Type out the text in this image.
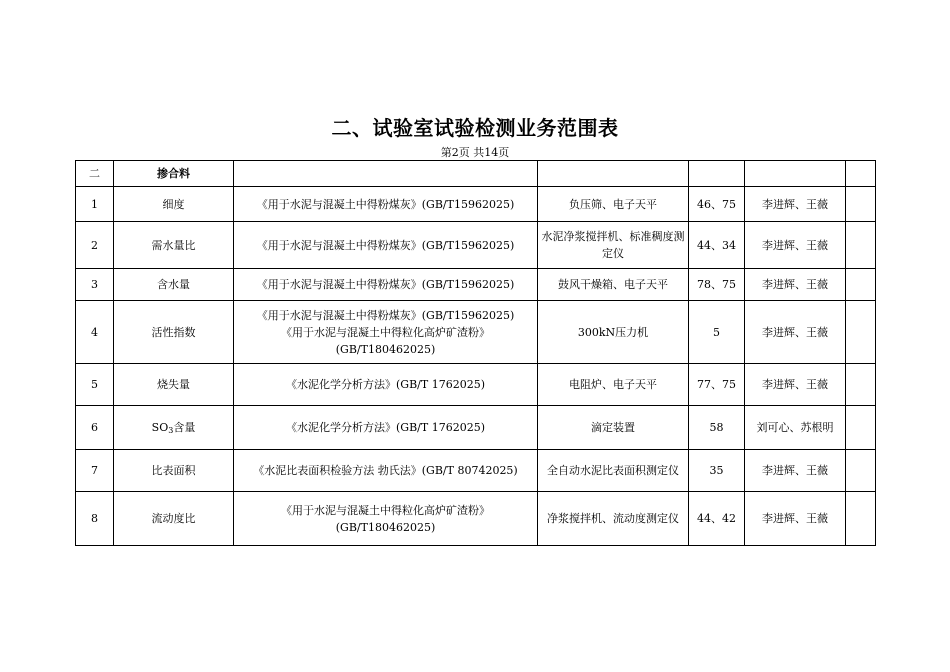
二、试验室试验检测业务范围表
第2页 共14页
二	掺合料					
1	细度	《用于水泥与混凝土中得粉煤灰》(GB/T15962025)	负压筛、电子天平	46、75	李进辉、王薇	
2	需水量比	《用于水泥与混凝土中得粉煤灰》(GB/T15962025)	水泥净浆搅拌机、标准稠度测定仪	44、34	李进辉、王薇	
3	含水量	《用于水泥与混凝土中得粉煤灰》(GB/T15962025)	鼓风干燥箱、电子天平	78、75	李进辉、王薇	
4	活性指数	《用于水泥与混凝土中得粉煤灰》(GB/T15962025)
《用于水泥与混凝土中得粒化高炉矿渣粉》
(GB/T180462025)	300kN压力机	5	李进辉、王薇	
5	烧失量	《水泥化学分析方法》(GB/T 1762025)	电阻炉、电子天平	77、75	李进辉、王薇	
6	$SO_3$含量	《水泥化学分析方法》(GB/T 1762025)	滴定装置	58	刘可心、苏根明	
7	比表面积	《水泥比表面积检验方法 勃氏法》(GB/T 80742025)	全自动水泥比表面积测定仪	35	李进辉、王薇	
8	流动度比	《用于水泥与混凝土中得粒化高炉矿渣粉》
(GB/T180462025)	净浆搅拌机、流动度测定仪	44、42	李进辉、王薇	
